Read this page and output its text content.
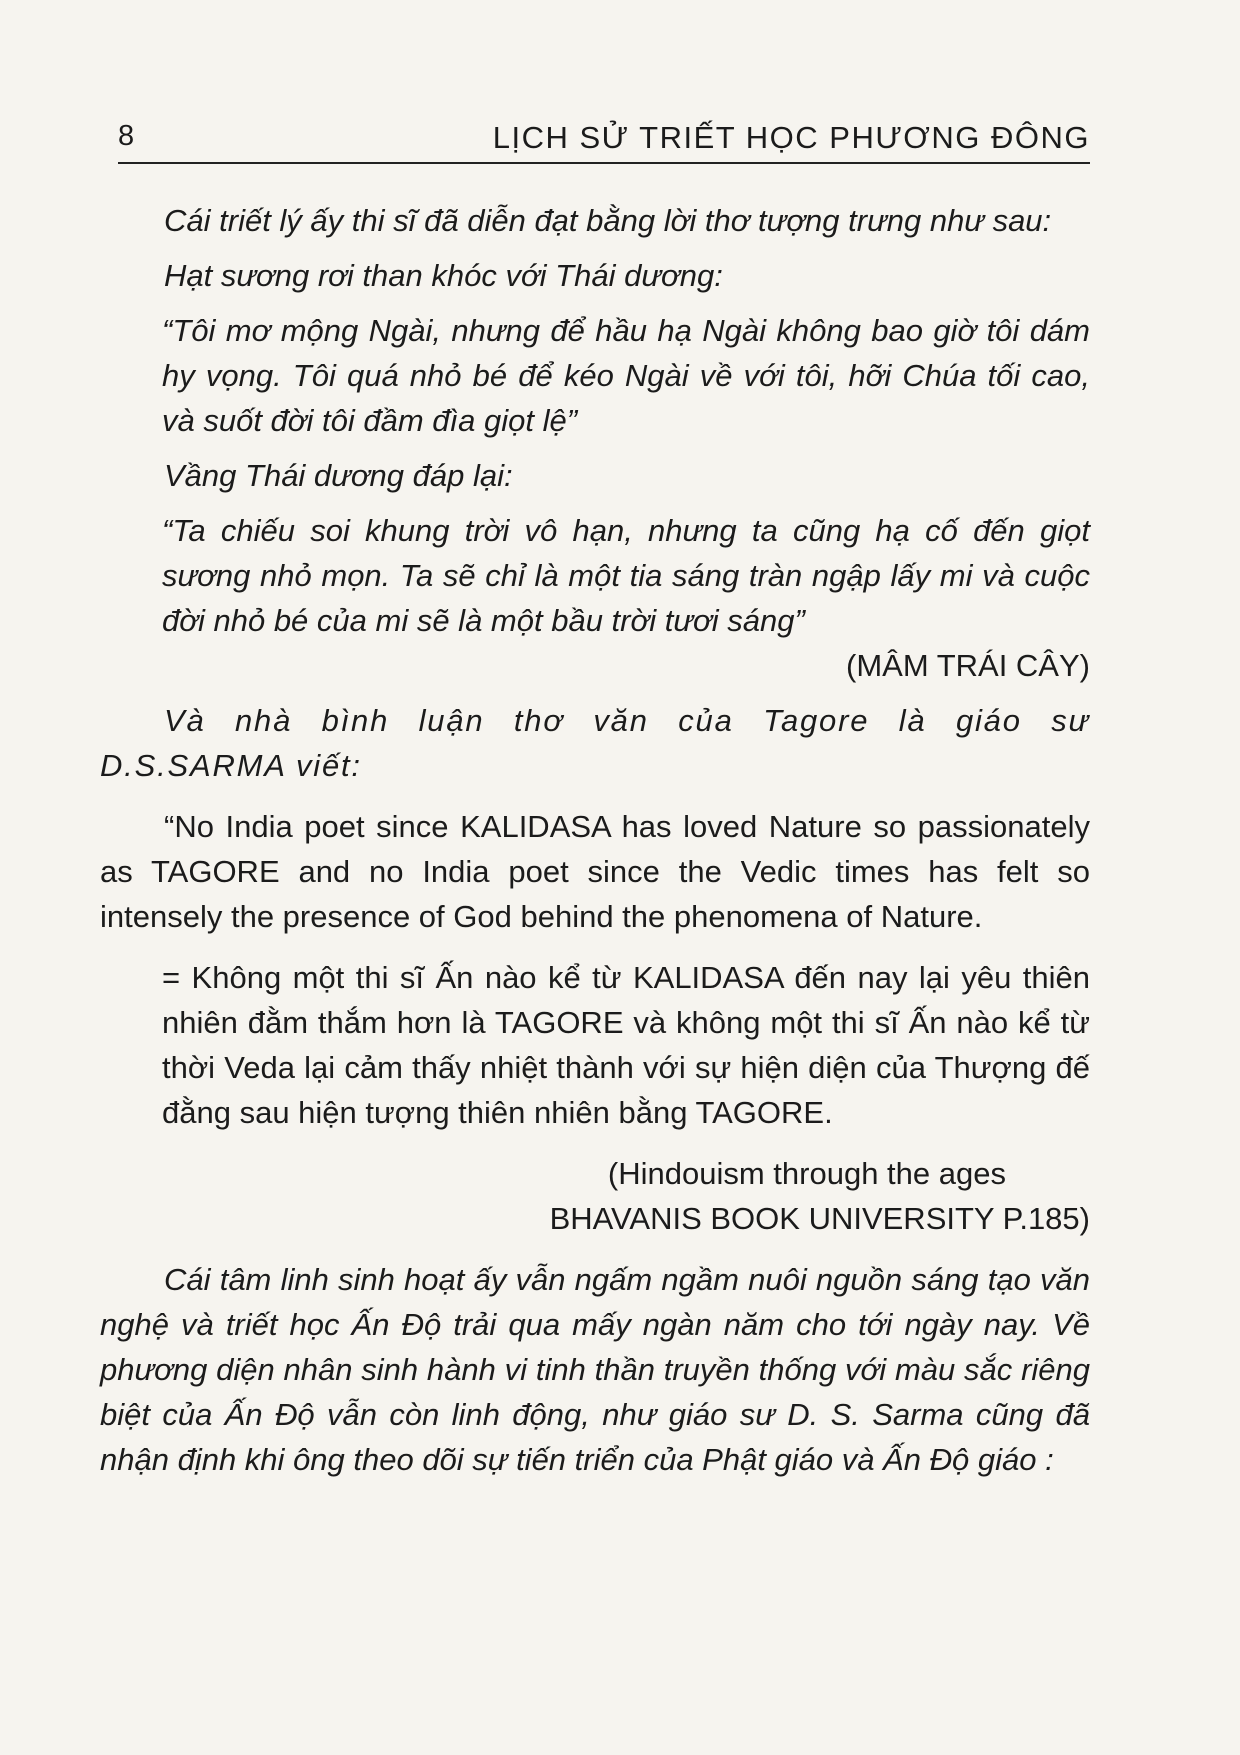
8	LỊCH SỬ TRIẾT HỌC PHƯƠNG ĐÔNG

Cái triết lý ấy thi sĩ đã diễn đạt bằng lời thơ tượng trưng như sau:

Hạt sương rơi than khóc với Thái dương:

“Tôi mơ mộng Ngài, nhưng để hầu hạ Ngài không bao giờ tôi dám hy vọng. Tôi quá nhỏ bé để kéo Ngài về với tôi, hỡi Chúa tối cao, và suốt đời tôi đầm đìa giọt lệ”

Vầng Thái dương đáp lại:

“Ta chiếu soi khung trời vô hạn, nhưng ta cũng hạ cố đến giọt sương nhỏ mọn. Ta sẽ chỉ là một tia sáng tràn ngập lấy mi và cuộc đời nhỏ bé của mi sẽ là một bầu trời tươi sáng”

(MÂM TRÁI CÂY)

Và nhà bình luận thơ văn của Tagore là giáo sư D.S.SARMA viết:

“No India poet since KALIDASA has loved Nature so passionately as TAGORE and no India poet since the Vedic times has felt so intensely the presence of God behind the phenomena of Nature.

= Không một thi sĩ Ấn nào kể từ KALIDASA đến nay lại yêu thiên nhiên đằm thắm hơn là TAGORE và không một thi sĩ Ấn nào kể từ thời Veda lại cảm thấy nhiệt thành với sự hiện diện của Thượng đế đằng sau hiện tượng thiên nhiên bằng TAGORE.

(Hindouism through the ages

BHAVANIS BOOK UNIVERSITY P.185)

Cái tâm linh sinh hoạt ấy vẫn ngấm ngầm nuôi nguồn sáng tạo văn nghệ và triết học Ấn Độ trải qua mấy ngàn năm cho tới ngày nay. Về phương diện nhân sinh hành vi tinh thần truyền thống với màu sắc riêng biệt của Ấn Độ vẫn còn linh động, như giáo sư D. S. Sarma cũng đã nhận định khi ông theo dõi sự tiến triển của Phật giáo và Ấn Độ giáo :
